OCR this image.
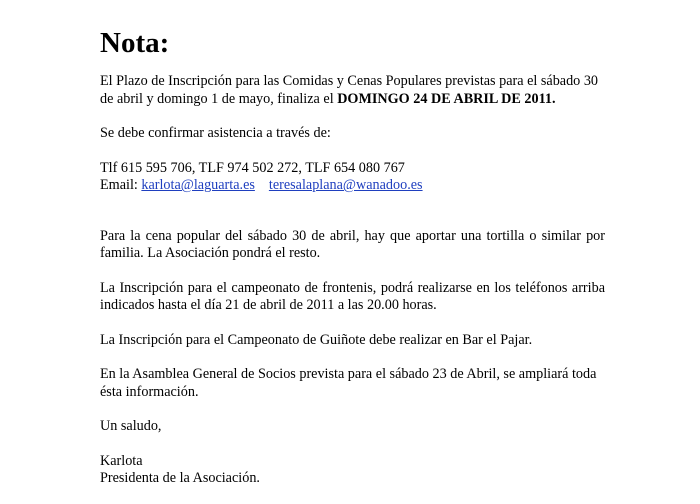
Nota:

El Plazo de Inscripción para las Comidas y Cenas Populares previstas para el sábado 30 de abril y domingo 1 de mayo, finaliza el DOMINGO 24 DE ABRIL DE 2011.

Se debe confirmar asistencia a través de:

Tlf 615 595 706, TLF 974 502 272, TLF 654 080 767

Email: karlota@laguarta.es teresalaplana@wanadoo.es

Para la cena popular del sábado 30 de abril, hay que aportar una tortilla o similar por familia. La Asociación pondrá el resto.

La Inscripción para el campeonato de frontenis, podrá realizarse en los teléfonos arriba indicados hasta el día 21 de abril de 2011 a las 20.00 horas.

La Inscripción para el Campeonato de Guiñote debe realizar en Bar el Pajar.

En la Asamblea General de Socios prevista para el sábado 23 de Abril, se ampliará toda ésta información.

Un saludo,

Karlota

Presidenta de la Asociación.
